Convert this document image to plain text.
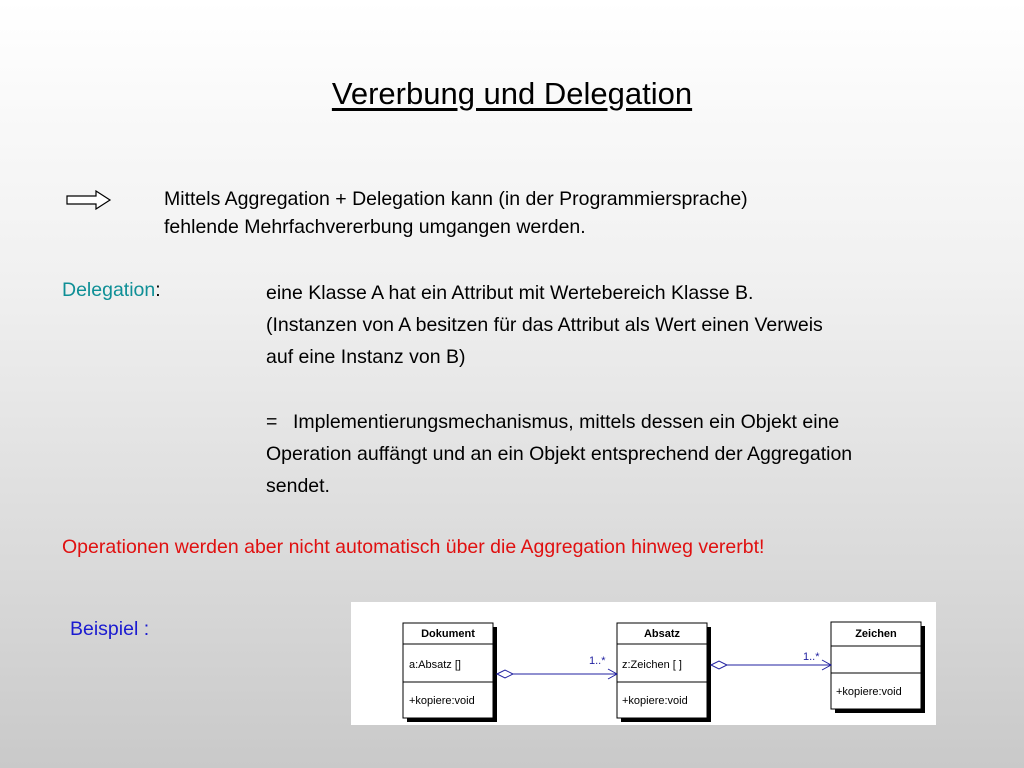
Vererbung und Delegation
Mittels Aggregation + Delegation kann (in der Programmiersprache)
fehlende Mehrfachvererbung umgangen werden.
Delegation:	eine Klasse A hat ein Attribut mit Wertebereich Klasse B.
(Instanzen von A besitzen für das Attribut als Wert einen Verweis
auf eine Instanz von B)
= Implementierungsmechanismus, mittels dessen ein Objekt eine
Operation auffängt und an ein Objekt entsprechend der Aggregation
sendet.
Operationen werden aber nicht automatisch über die Aggregation hinweg vererbt!
Beispiel :	Dokument
a:Absatz []
+kopiere:void
Absatz
z:Zeichen [ ]
+kopiere:void
Zeichen
+kopiere:void
1..*	1..*
